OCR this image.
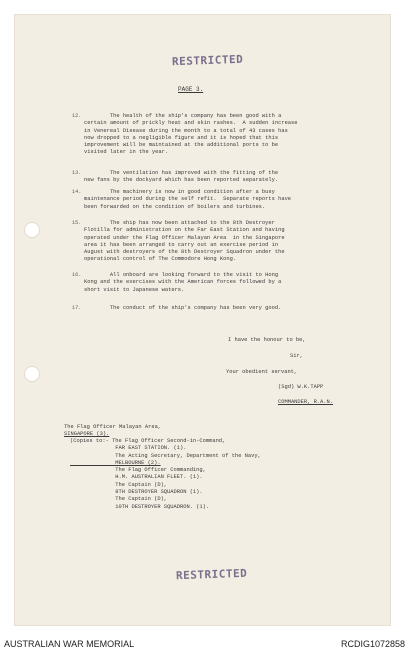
RESTRICTED
PAGE 3.
12. The health of the ship's company has been good with a
certain amount of prickly heat and skin rashes.  A sudden increase
in Venereal Disease during the month to a total of 43 cases has
now dropped to a negligible figure and it is hoped that this
improvement will be maintained at the additional ports to be
visited later in the year.
13. The ventilation has improved with the fitting of the
new fans by the dockyard which has been reported separately.
14. The machinery is now in good condition after a busy
maintenance period during the self refit.  Separate reports have
been forwarded on the condition of boilers and turbines.
15. The ship has now been attached to the 8th Destroyer
Flotilla for administration on the Far East Station and having
operated under the Flag Officer Malayan Area  in the Singapore
area it has been arranged to carry out an exercise period in
August with destroyers of the 8th Destroyer Squadron under the
operational control of The Commodore Hong Kong.
16. All onboard are looking forward to the visit to Hong
Kong and the exercises with the American forces followed by a
short visit to Japanese waters.
17. The conduct of the ship's company has been very good.
I have the honour to be,
Sir,
Your obedient servant,
(Sgd) W.K.TAPP
COMMANDER, R.A.N.
The Flag Officer Malayan Area,
SINGAPORE (3).
(Copies to:- The Flag Officer Second-in-Command,
FAR EAST STATION. (1).
The Acting Secretary, Department of the Navy,
MELBOURNE (2).
The Flag Officer Commanding,
H.M. AUSTRALIAN FLEET. (1).
The Captain (D),
8TH DESTROYER SQUADRON (1).
The Captain (D),
10TH DESTROYER SQUADRON. (1).
RESTRICTED
AUSTRALIAN WAR MEMORIAL	RCDIG1072858
